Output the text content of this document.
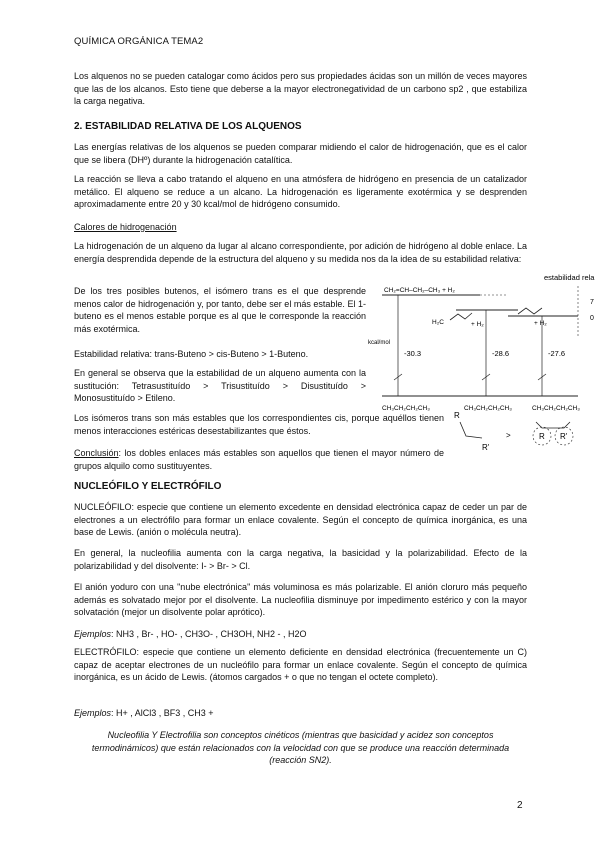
QUÍMICA ORGÁNICA TEMA2

Los alquenos no se pueden catalogar como ácidos pero sus propiedades ácidas son un millón de veces mayores que las de los alcanos. Esto tiene que deberse a la mayor electronegatividad de un carbono sp2 , que estabiliza la carga negativa.

2. ESTABILIDAD RELATIVA DE LOS ALQUENOS

Las energías relativas de los alquenos se pueden comparar midiendo el calor de hidrogenación, que es el calor que se libera (DHº) durante la hidrogenación catalítica.

La reacción se lleva a cabo tratando el alqueno en una atmósfera de hidrógeno en presencia de un catalizador metálico. El alqueno se reduce a un alcano. La hidrogenación es ligeramente exotérmica y se desprenden aproximadamente entre 20 y 30 kcal/mol de hidrógeno consumido.

Calores de hidrogenación

La hidrogenación de un alqueno da lugar al alcano correspondiente, por adición de hidrógeno al doble enlace. La energía desprendida depende de la estructura del alqueno y su medida nos da la idea de su estabilidad relativa:

De los tres posibles butenos, el isómero trans es el que desprende menos calor de hidrogenación y, por tanto, debe ser el más estable. El 1- buteno es el menos estable porque es al que le corresponde la reacción más exotérmica.

Estabilidad relativa: trans-Buteno > cis-Buteno > 1-Buteno.

En general se observa que la estabilidad de un alqueno aumenta con la sustitución: Tetrasustituído > Trisustituído > Disustituído > Monosustituído > Etileno.

Los isómeros trans son más estables que los correspondientes cis, porque aquéllos tienen menos interacciones estéricas desestabilizantes que éstos.

Conclusión: los dobles enlaces más estables son aquellos que tienen el mayor número de grupos alquilo como sustituyentes.

estabilidad rela
7
0
CH₂=CH–CH₂–CH₃ + H₂
H₂C	+ H₂	+ H₂
kcal/mol
-30.3	-28.6	-27.6
CH₃CH₂CH₂CH₃	CH₃CH₂CH₂CH₃	CH₃CH₂CH₂CH₃
R
R'
>	R R'
NUCLEÓFILO Y ELECTRÓFILO

NUCLEÓFILO: especie que contiene un elemento excedente en densidad electrónica capaz de ceder un par de electrones a un electrófilo para formar un enlace covalente. Según el concepto de química inorgánica, es una base de Lewis. (anión o molécula neutra).

En general, la nucleofilia aumenta con la carga negativa, la basicidad y la polarizabilidad. Efecto de la polarizabilidad y del disolvente: I- > Br- > Cl.

El anión yoduro con una "nube electrónica" más voluminosa es más polarizable. El anión cloruro más pequeño además es solvatado mejor por el disolvente. La nucleofilia disminuye por impedimento estérico y con la mayor solvatación (mejor un disolvente polar aprótico).

Ejemplos: NH3 , Br- , HO- , CH3O- , CH3OH, NH2 - , H2O

ELECTRÓFILO: especie que contiene un elemento deficiente en densidad electrónica (frecuentemente un C) capaz de aceptar electrones de un nucleófilo para formar un enlace covalente. Según el concepto de química inorgánica, es un ácido de Lewis. (átomos cargados + o que no tengan el octete completo).

Ejemplos: H+ , AlCl3 , BF3 , CH3 +

Nucleofilia Y Electrofilia son conceptos cinéticos (mientras que basicidad y acidez son conceptos termodinámicos) que están relacionados con la velocidad con que se produce una reacción determinada (reacción SN2).

2
